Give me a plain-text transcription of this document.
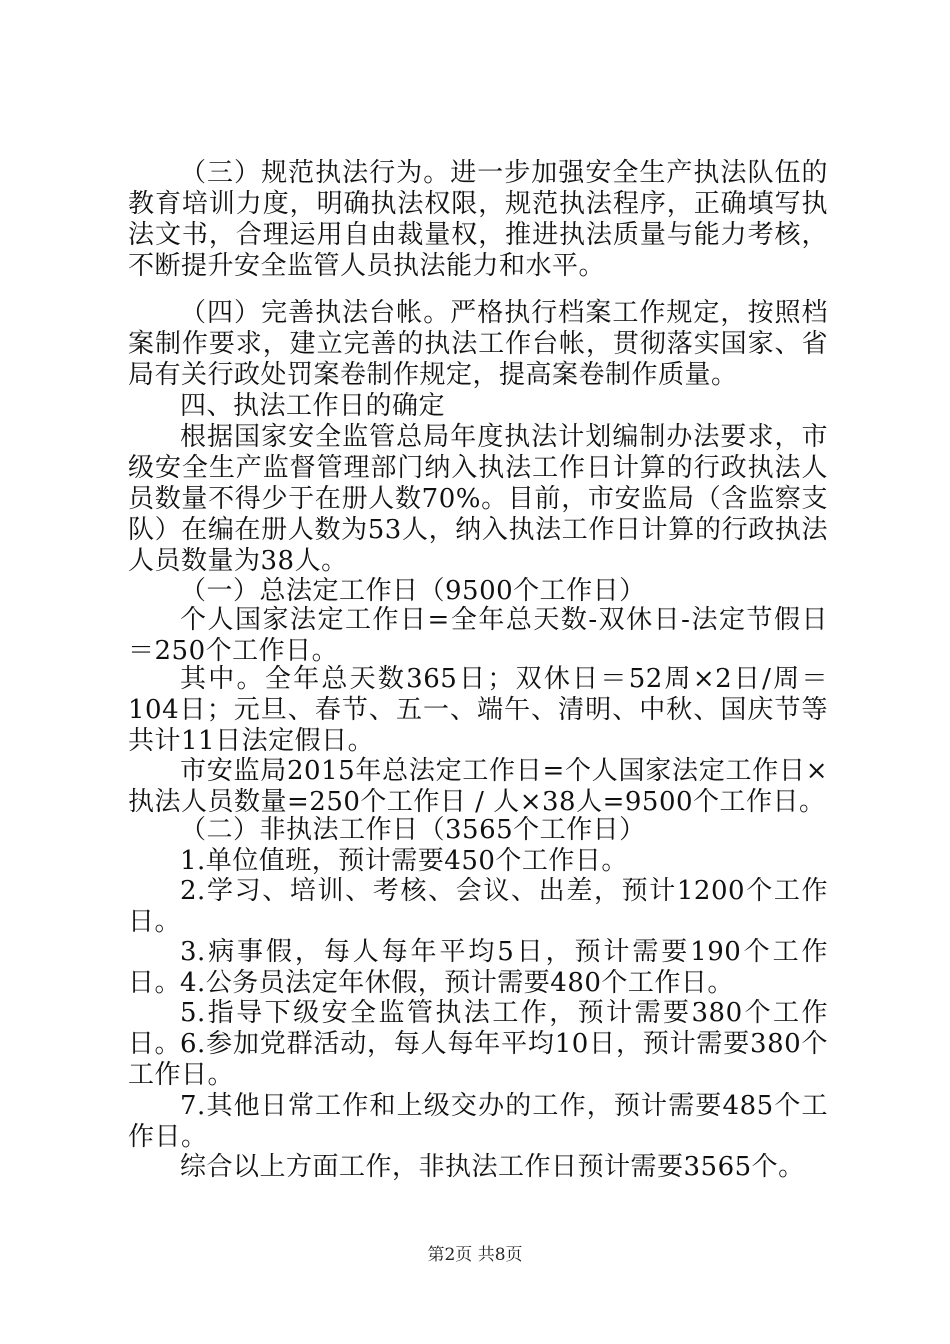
（三）规范执法行为。进一步加强安全生产执法队伍的教育培训力度，明确执法权限，规范执法程序，正确填写执法文书，合理运用自由裁量权，推进执法质量与能力考核，不断提升安全监管人员执法能力和水平。

（四）完善执法台帐。严格执行档案工作规定，按照档案制作要求，建立完善的执法工作台帐，贯彻落实国家、省局有关行政处罚案卷制作规定，提高案卷制作质量。

四、执法工作日的确定

根据国家安全监管总局年度执法计划编制办法要求，市级安全生产监督管理部门纳入执法工作日计算的行政执法人员数量不得少于在册人数70%。目前，市安监局（含监察支队）在编在册人数为53人，纳入执法工作日计算的行政执法人员数量为38人。

（一）总法定工作日（9500个工作日）

个人国家法定工作日=全年总天数-双休日-法定节假日＝250个工作日。

其中。全年总天数365日；双休日＝52周×2日/周＝104日；元旦、春节、五一、端午、清明、中秋、国庆节等共计11日法定假日。

市安监局2015年总法定工作日=个人国家法定工作日×执法人员数量=250个工作日 / 人×38人=9500个工作日。

（二）非执法工作日（3565个工作日）

1.单位值班，预计需要450个工作日。

2.学习、培训、考核、会议、出差，预计1200个工作日。

3.病事假，每人每年平均5日，预计需要190个工作日。

4.公务员法定年休假，预计需要480个工作日。

5.指导下级安全监管执法工作，预计需要380个工作日。

6.参加党群活动，每人每年平均10日，预计需要380个工作日。

7.其他日常工作和上级交办的工作，预计需要485个工作日。

综合以上方面工作，非执法工作日预计需要3565个。

第2页 共8页
